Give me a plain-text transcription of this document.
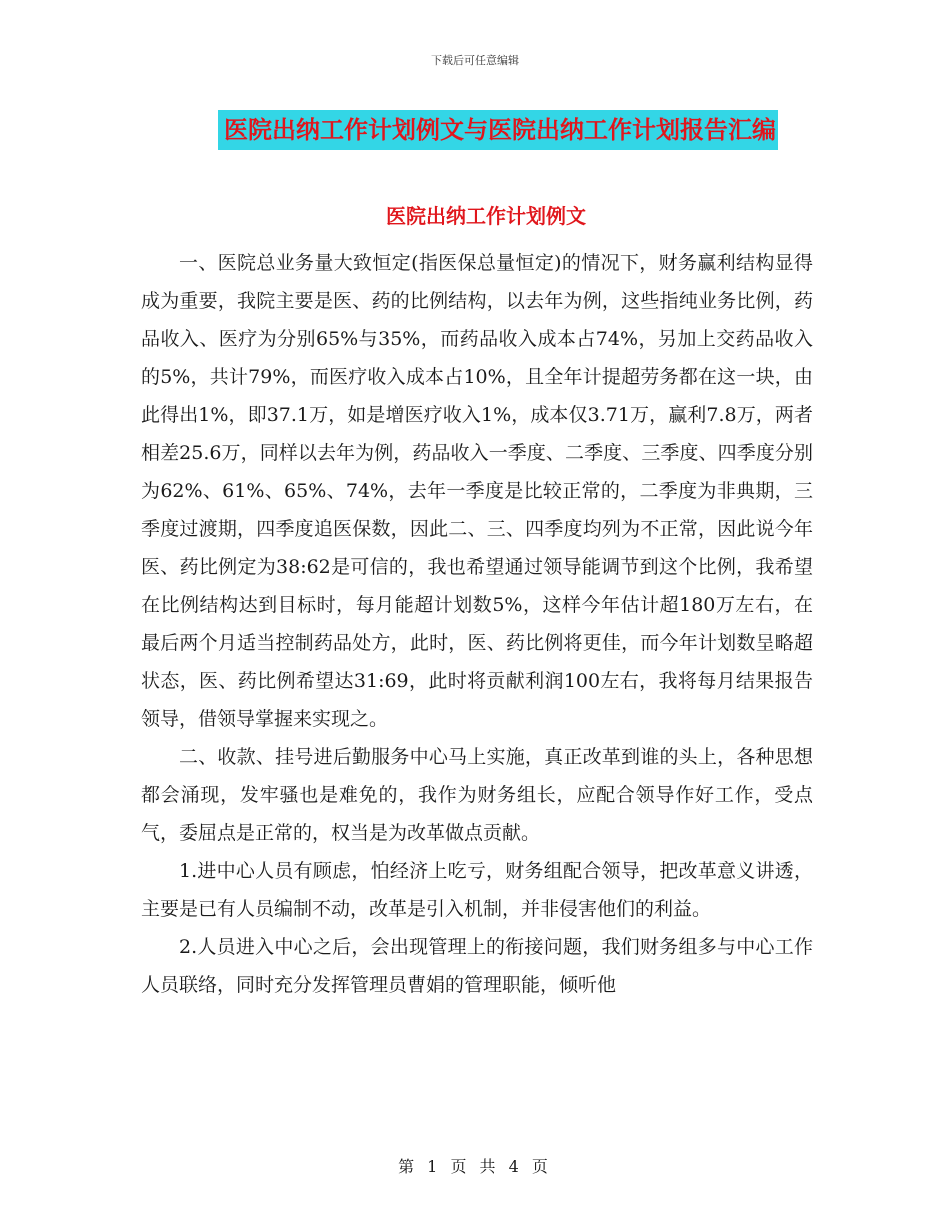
下载后可任意编辑
医院出纳工作计划例文与医院出纳工作计划报告汇编
医院出纳工作计划例文

一、医院总业务量大致恒定(指医保总量恒定)的情况下，财务赢利结构显得成为重要，我院主要是医、药的比例结构，以去年为例，这些指纯业务比例，药品收入、医疗为分别65%与35%，而药品收入成本占74%，另加上交药品收入的5%，共计79%，而医疗收入成本占10%，且全年计提超劳务都在这一块，由此得出1%，即37.1万，如是增医疗收入1%，成本仅3.71万，赢利7.8万，两者相差25.6万，同样以去年为例，药品收入一季度、二季度、三季度、四季度分别为62%、61%、65%、74%，去年一季度是比较正常的，二季度为非典期，三季度过渡期，四季度追医保数，因此二、三、四季度均列为不正常，因此说今年医、药比例定为38:62是可信的，我也希望通过领导能调节到这个比例，我希望在比例结构达到目标时，每月能超计划数5%，这样今年估计超180万左右，在最后两个月适当控制药品处方，此时，医、药比例将更佳，而今年计划数呈略超状态，医、药比例希望达31:69，此时将贡献利润100左右，我将每月结果报告领导，借领导掌握来实现之。

二、收款、挂号进后勤服务中心马上实施，真正改革到谁的头上，各种思想都会涌现，发牢骚也是难免的，我作为财务组长，应配合领导作好工作，受点气，委屈点是正常的，权当是为改革做点贡献。

1.进中心人员有顾虑，怕经济上吃亏，财务组配合领导，把改革意义讲透，主要是已有人员编制不动，改革是引入机制，并非侵害他们的利益。

2.人员进入中心之后，会出现管理上的衔接问题，我们财务组多与中心工作人员联络，同时充分发挥管理员曹娟的管理职能，倾听他

第 1 页 共 4 页
